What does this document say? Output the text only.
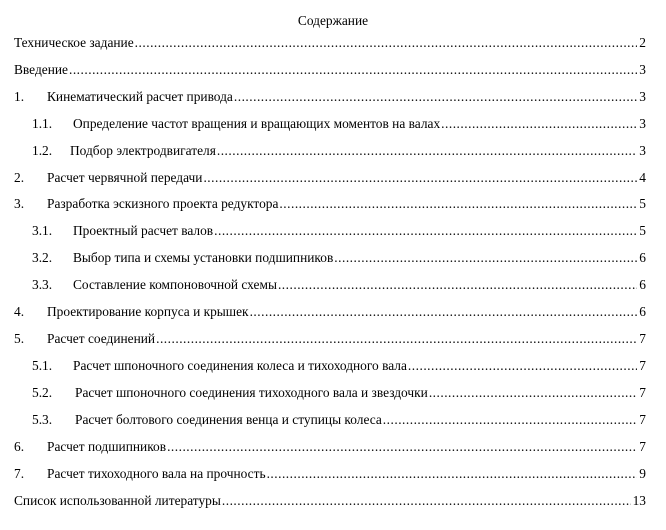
Содержание
Техническое задание .....	2
Введение .....	3
1.	Кинематический расчет привода .....	3
1.1.	Определение частот вращения и вращающих моментов на валах .....	3
1.2.	Подбор электродвигателя .....	3
2.	Расчет червячной передачи .....	4
3.	Разработка эскизного проекта редуктора .....	5
3.1.	Проектный расчет валов .....	5
3.2.	Выбор типа и схемы установки подшипников .....	6
3.3.	Составление компоновочной схемы .....	6
4.	Проектирование корпуса и крышек .....	6
5.	Расчет соединений .....	7
5.1.	Расчет шпоночного соединения колеса и тихоходного вала .....	7
5.2.	Расчет шпоночного соединения тихоходного вала и звездочки .....	7
5.3.	Расчет болтового соединения венца и ступицы колеса .....	7
6.	Расчет подшипников .....	7
7.	Расчет тихоходного вала на прочность .....	9
Список использованной литературы .....	13
